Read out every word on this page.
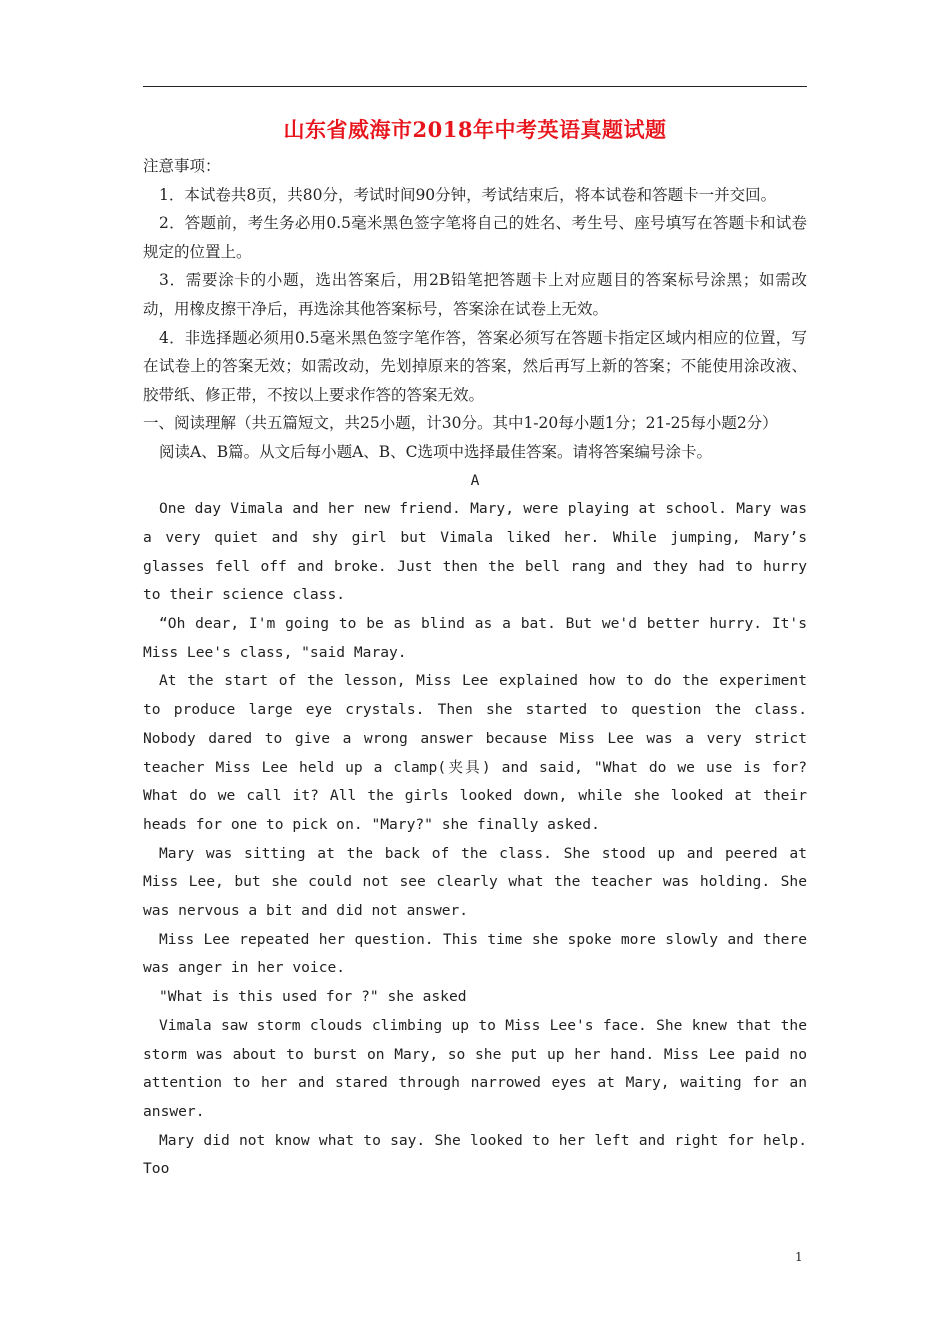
山东省威海市2018年中考英语真题试题

注意事项：

1．本试卷共8页，共80分，考试时间90分钟，考试结束后，将本试卷和答题卡一并交回。

2．答题前，考生务必用0.5毫米黑色签字笔将自己的姓名、考生号、座号填写在答题卡和试卷规定的位置上。

3．需要涂卡的小题，选出答案后，用2B铅笔把答题卡上对应题目的答案标号涂黑；如需改动，用橡皮擦干净后，再选涂其他答案标号，答案涂在试卷上无效。

4．非选择题必须用0.5毫米黑色签字笔作答，答案必须写在答题卡指定区域内相应的位置，写在试卷上的答案无效；如需改动，先划掉原来的答案，然后再写上新的答案；不能使用涂改液、胶带纸、修正带，不按以上要求作答的答案无效。

一、阅读理解（共五篇短文，共25小题，计30分。其中1-20每小题1分；21-25每小题2分）

阅读A、B篇。从文后每小题A、B、C选项中选择最佳答案。请将答案编号涂卡。

A

One day Vimala and her new friend. Mary, were playing at school. Mary was a very quiet and shy girl but Vimala liked her. While jumping, Mary’s glasses fell off and broke. Just then the bell rang and they had to hurry to their science class.

“Oh dear, I'm going to be as blind as a bat. But we'd better hurry. It's Miss Lee's class, "said Maray.

At the start of the lesson, Miss Lee explained how to do the experiment to produce large eye crystals. Then she started to question the class. Nobody dared to give a wrong answer because Miss Lee was a very strict teacher Miss Lee held up a clamp(夹具) and said, "What do we use is for? What do we call it? All the girls looked down, while she looked at their heads for one to pick on. "Mary?" she finally asked.

Mary was sitting at the back of the class. She stood up and peered at Miss Lee, but she could not see clearly what the teacher was holding. She was nervous a bit and did not answer.

Miss Lee repeated her question. This time she spoke more slowly and there was anger in her voice.

"What is this used for ?" she asked

Vimala saw storm clouds climbing up to Miss Lee's face. She knew that the storm was about to burst on Mary, so she put up her hand. Miss Lee paid no attention to her and stared through narrowed eyes at Mary, waiting for an answer.

Mary did not know what to say. She looked to her left and right for help. Too

1
